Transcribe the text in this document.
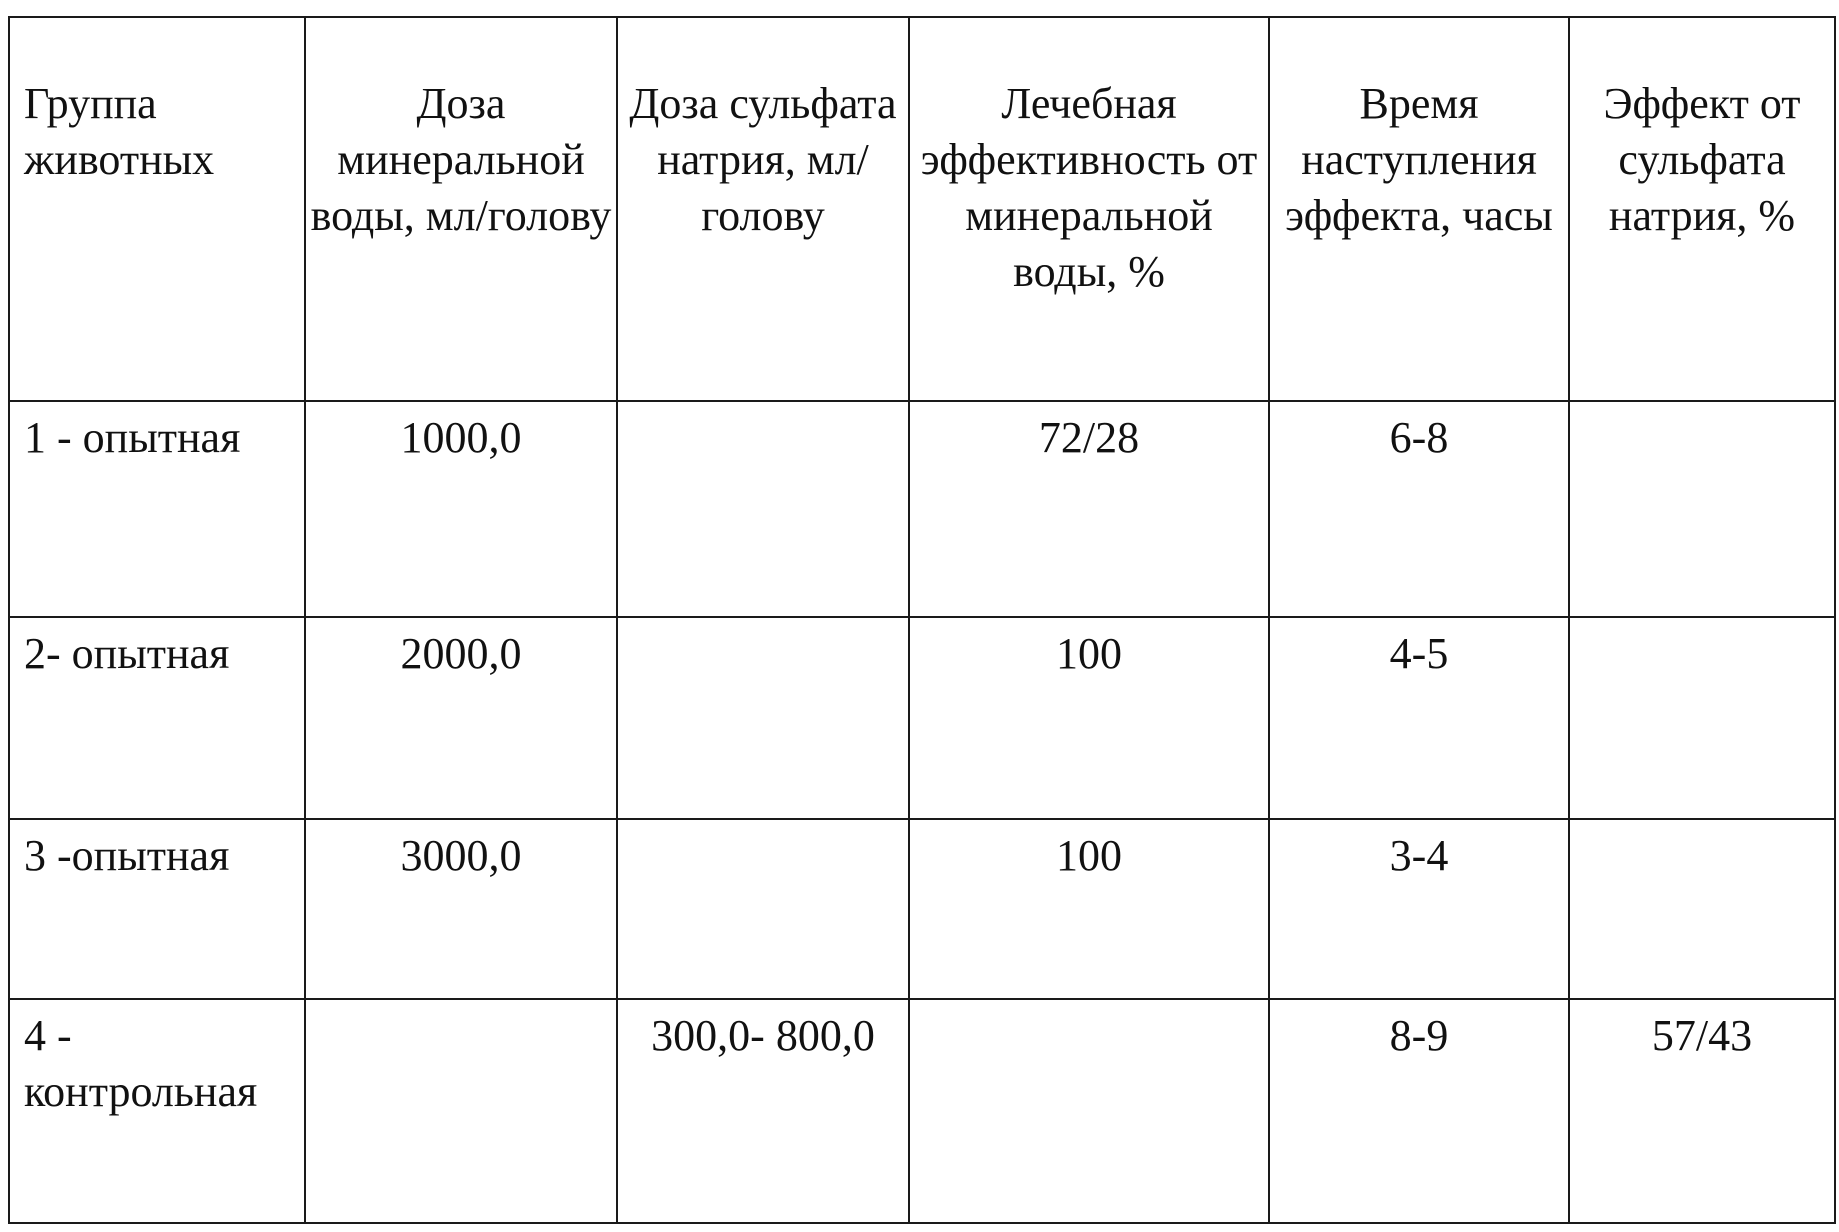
Группа животных	Доза минеральной воды, мл/голову	Доза сульфата натрия, мл/голову	Лечебная эффективность от минеральной воды, %	Время наступления эффекта, часы	Эффект от сульфата натрия, %

1 - опытная	1000,0		72/28	6-8	

2- опытная	2000,0		100	4-5	

3 -опытная	3000,0		100	3-4	

4 - контрольная		300,0- 800,0		8-9	57/43
